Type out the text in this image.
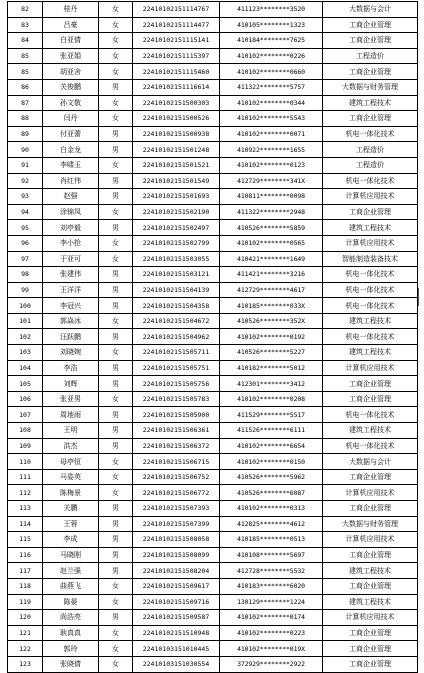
82	桂丹	女	22410102151114767	411123********3520	大数据与会计
83	吕豪	女	22410102151114477	410105********1323	工商企业管理
84	白亚倩	女	22410102151115141	410184********7625	工商企业管理
85	张亚娟	女	22410102151115397	410102********0226	工程造价
85	胡亚舍	女	22410102151115460	410102********0660	工商企业管理
86	关俊鹏	男	22410102151116614	411322********5757	大数据与财务管理
87	孙文敬	女	22410102151500303	410102********0344	建筑工程技术
88	闫丹	女	22410102151500526	410102********5543	工商企业管理
89	付亚蕾	男	22410102151500938	410102********0071	机电一体化技术
90	白金龙	男	22410102151501248	410922********1655	工程造价
91	李啸玉	女	22410102151501521	410102********0123	工程造价
92	肖红伟	男	22410102151501549	412729********341X	机电一体化技术
93	赵强	男	22410102151501693	410811********0098	计算机应用技术
94	涂锦凤	女	22410102151502190	411322********2948	工商企业管理
95	刘亭毅	男	22410102151502497	410526********5859	建筑工程技术
96	李小抢	女	22410102151502799	410102********0565	计算机应用技术
97	于亚可	女	22410102151503055	410421********1649	智能制造装备技术
98	张建伟	男	22410102151503121	411421********3216	机电一体化技术
99	王洋洋	男	22410102151504139	412729********4617	机电一体化技术
100	李冠兴	男	22410102151504358	410185********033X	机电一体化技术
101	郭焱冰	女	22410102151504672	410526********352X	建筑工程技术
102	汪跃鹏	男	22410102151504962	410102********0192	机电一体化技术
103	刘晓婉	女	22410102151505711	410526********5227	建筑工程技术
104	李浩	男	22410102151505751	410182********5012	计算机应用技术
105	刘辉	男	22410102151505756	412301********3412	工商企业管理
106	张亚男	女	22410102151505783	410102********0208	工商企业管理
107	周地雨	男	22410102151505900	411529********5517	机电一体化技术
108	王明	男	22410102151506361	411526********6111	建筑工程技术
109	洪杰	男	22410102151506372	410102********6654	机电一体化技术
110	母亭恒	女	22410102151506715	410102********0150	大数据与会计
111	马姿英	女	22410102151506752	410526********5962	工商企业管理
112	陈梅景	女	22410102151506772	410526********6087	计算机应用技术
113	关鹏	男	22410102151507393	410102********0313	工商企业管理
114	王蓉	男	22410102151507399	412825********4612	大数据与财务管理
115	李成	男	22410102151508058	410185********0513	计算机应用技术
116	马晓刚	男	22410102151508099	410108********5697	工商企业管理
117	赵兰强	男	22410102151508204	412728********5532	建筑工程技术
118	曲燕飞	女	22410102151509617	410183********6020	工商企业管理
119	陈晏	女	22410102151509716	130129********1224	建筑工程技术
120	尚浩亮	男	22410102151509587	410102********0174	计算机应用技术
121	耿真真	女	22410102151510948	410102********0223	工商企业管理
122	郭玲	女	22410103151010445	410102********019X	工商企业管理
123	张晓倩	女	22410103151030554	372929********2922	工商企业管理
